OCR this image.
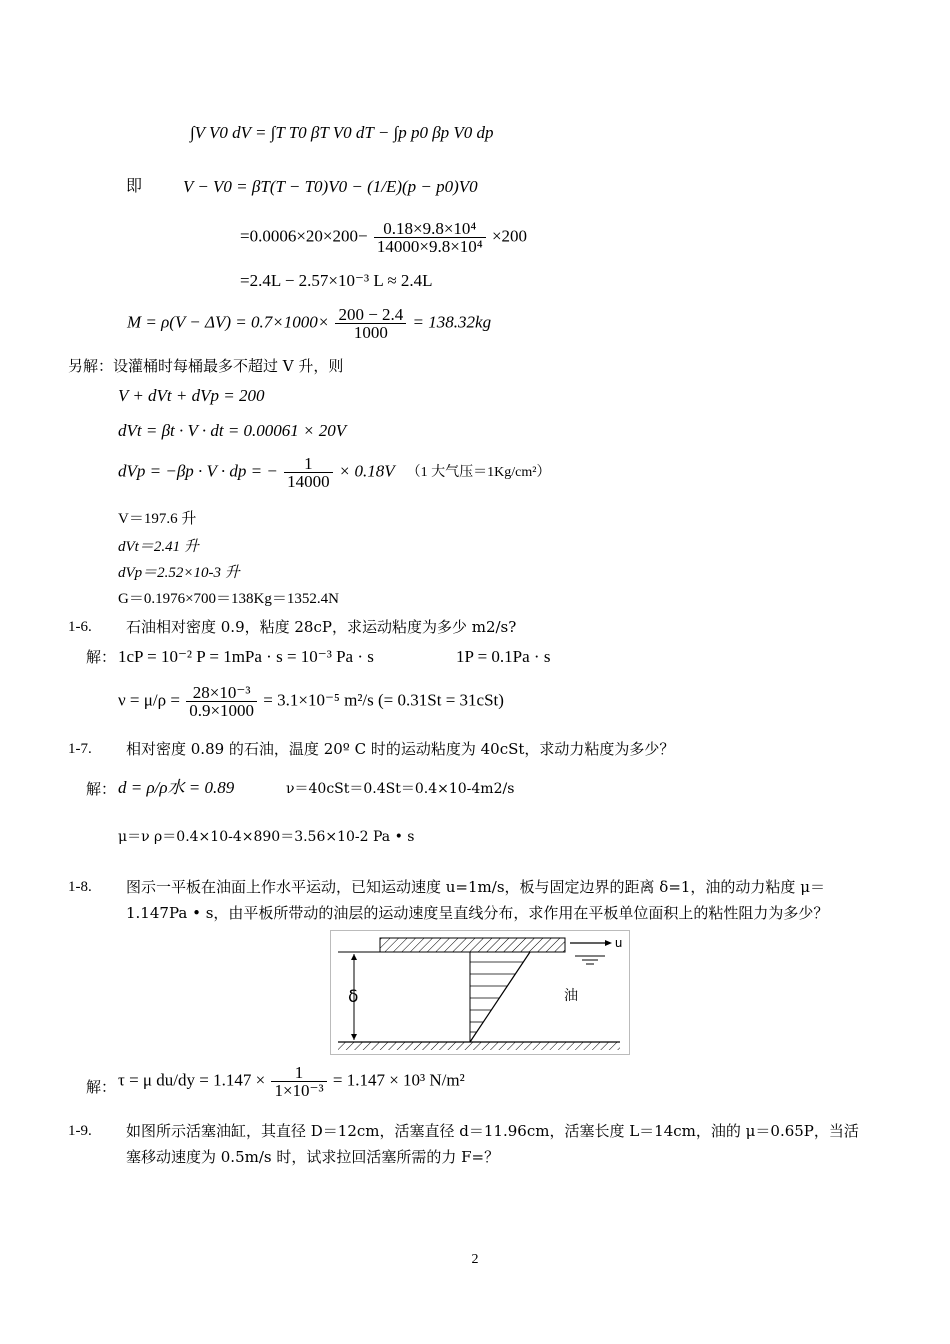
∫V V0 dV = ∫T T0 βT V0 dT − ∫p p0 βp V0 dp
即 V − V0 = βT(T − T0)V0 − (1/E)(p − p0)V0
$=0.0006\times 20\times 200- \frac{\text{0.18×9.8×10⁴}}{\text{14000×9.8×10⁴}} \times 200$
=2.4L − 2.57×10⁻³ L ≈ 2.4L
$M = \rho(V - \Delta V) = 0.7\times 1000\times \frac{200 - 2.4}{1000} = 138.32kg$
另解：设灌桶时每桶最多不超过 V 升，则
V + dVt + dVp = 200
dVt = βt · V · dt = 0.00061 × 20V
dVp = −βp · V · dp = − $\frac{1}{14000} \times 0.18V$ （1 大气压＝1Kg/cm²）
V＝197.6 升
dVt＝2.41 升
dVp＝2.52×10-3 升
G＝0.1976×700＝138Kg＝1352.4N
1-6. 石油相对密度 0.9，粘度 28cP，求运动粘度为多少 m2/s?
解： 1cP = 10⁻² P = 1mPa · s = 10⁻³ Pa · s	1P = 0.1Pa · s
$\nu = \mu/\rho = \frac{\text{28×10⁻³}}{0.9\times 1000} = 3.1\times 10^{-5}$ m²/s (= 0.31St = 31cSt)
1-7. 相对密度 0.89 的石油，温度 20º C 时的运动粘度为 40cSt，求动力粘度为多少？
解： d = ρ/ρ水 = 0.89	ν＝40cSt＝0.4St＝0.4×10-4m2/s
μ＝ν ρ＝0.4×10-4×890＝3.56×10-2 Pa • s
1-8. 图示一平板在油面上作水平运动，已知运动速度 u=1m/s，板与固定边界的距离 δ=1，油的动力粘度 μ＝
1.147Pa • s，由平板所带动的油层的运动速度呈直线分布，求作用在平板单位面积上的粘性阻力为多少？
u
δ	油
解： τ = μ $du/dy = 1.147 \times \frac{1}{\text{1×10⁻³}} = 1.147 \times 10^3$ N/m²
1-9. 如图所示活塞油缸，其直径 D＝12cm，活塞直径 d＝11.96cm，活塞长度 L＝14cm，油的 μ＝0.65P，当活
塞移动速度为 0.5m/s 时，试求拉回活塞所需的力 F=？
2
